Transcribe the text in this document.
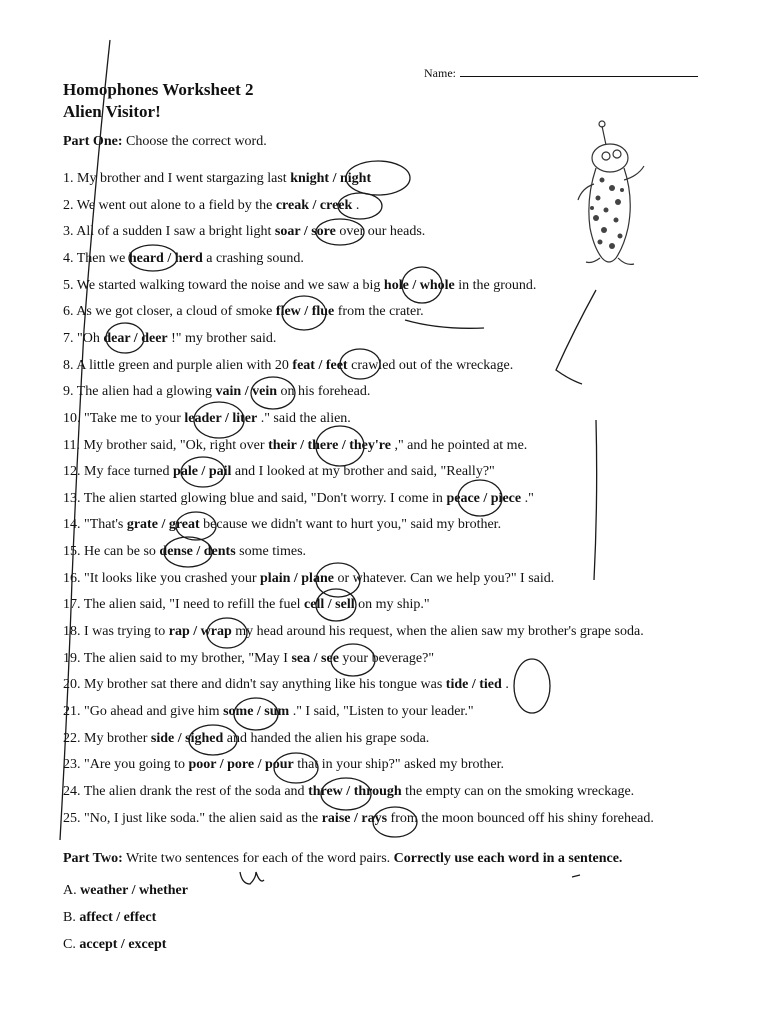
Name:
Homophones Worksheet 2
Alien Visitor!
Part One: Choose the correct word.
1. My brother and I went stargazing last knight / night
2. We went out alone to a field by the creak / creek .
3. All of a sudden I saw a bright light soar / sore over our heads.
4. Then we heard / herd a crashing sound.
5. We started walking toward the noise and we saw a big hole / whole in the ground.
6. As we got closer, a cloud of smoke flew / flue from the crater.
7. "Oh dear / deer !" my brother said.
8. A little green and purple alien with 20 feat / feet crawled out of the wreckage.
9. The alien had a glowing vain / vein on his forehead.
10. "Take me to your leader / liter ." said the alien.
11. My brother said, "Ok, right over their / there / they're ," and he pointed at me.
12. My face turned pale / pail and I looked at my brother and said, "Really?"
13. The alien started glowing blue and said, "Don't worry. I come in peace / piece ."
14. "That's grate / great because we didn't want to hurt you," said my brother.
15. He can be so dense / dents some times.
16. "It looks like you crashed your plain / plane or whatever. Can we help you?" I said.
17. The alien said, "I need to refill the fuel cell / sell on my ship."
18. I was trying to rap / wrap my head around his request, when the alien saw my brother's grape soda.
19. The alien said to my brother, "May I sea / see your beverage?"
20. My brother sat there and didn't say anything like his tongue was tide / tied .
21. "Go ahead and give him some / sum ." I said, "Listen to your leader."
22. My brother side / sighed and handed the alien his grape soda.
23. "Are you going to poor / pore / pour that in your ship?" asked my brother.
24. The alien drank the rest of the soda and threw / through the empty can on the smoking wreckage.
25. "No, I just like soda." the alien said as the raise / rays from the moon bounced off his shiny forehead.
Part Two: Write two sentences for each of the word pairs. Correctly use each word in a sentence.
A. weather / whether
B. affect / effect
C. accept / except
